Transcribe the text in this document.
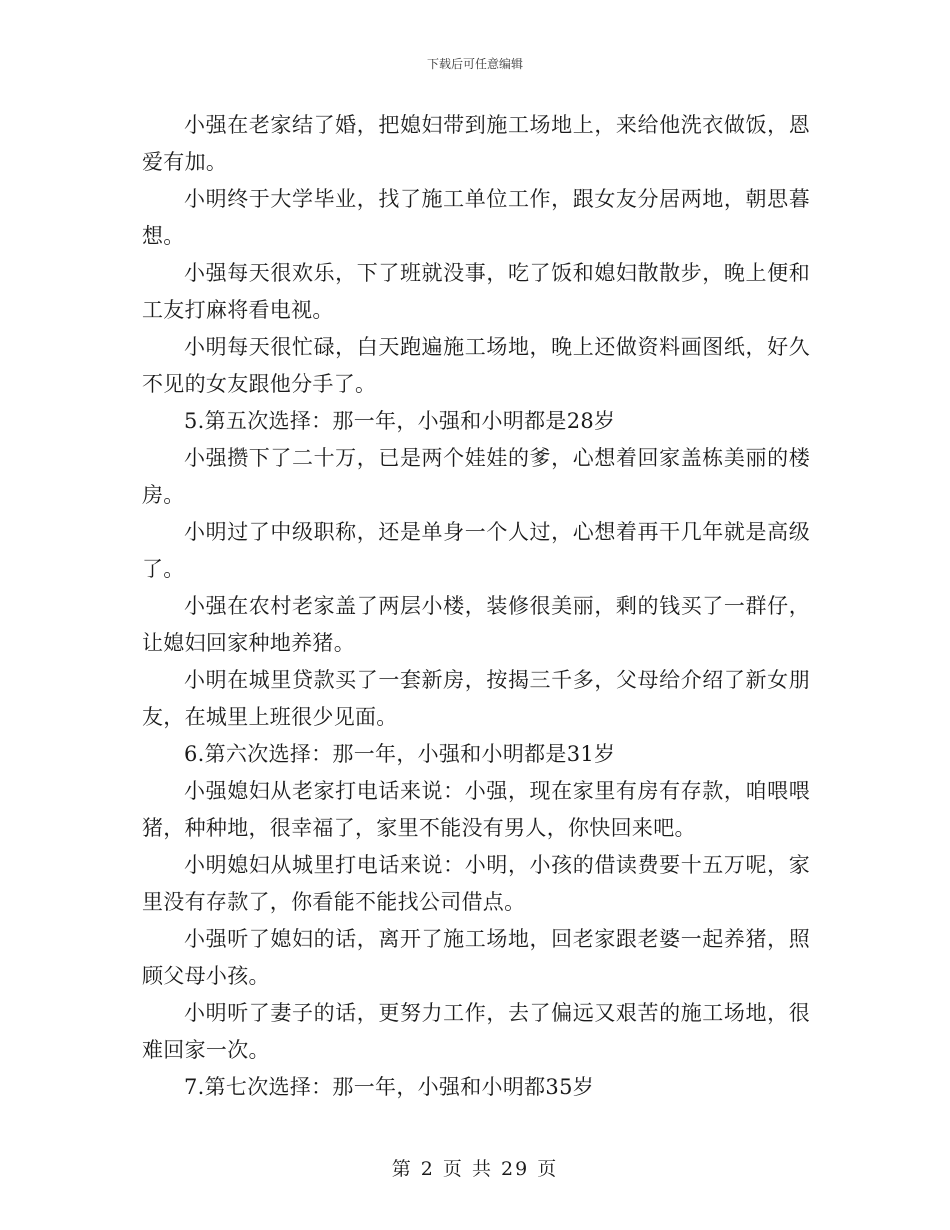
下载后可任意编辑

小强在老家结了婚，把媳妇带到施工场地上，来给他洗衣做饭，恩爱有加。

小明终于大学毕业，找了施工单位工作，跟女友分居两地，朝思暮想。

小强每天很欢乐，下了班就没事，吃了饭和媳妇散散步，晚上便和工友打麻将看电视。

小明每天很忙碌，白天跑遍施工场地，晚上还做资料画图纸，好久不见的女友跟他分手了。

5.第五次选择：那一年，小强和小明都是28岁

小强攒下了二十万，已是两个娃娃的爹，心想着回家盖栋美丽的楼房。

小明过了中级职称，还是单身一个人过，心想着再干几年就是高级了。

小强在农村老家盖了两层小楼，装修很美丽，剩的钱买了一群仔，让媳妇回家种地养猪。

小明在城里贷款买了一套新房，按揭三千多，父母给介绍了新女朋友，在城里上班很少见面。

6.第六次选择：那一年，小强和小明都是31岁

小强媳妇从老家打电话来说：小强，现在家里有房有存款，咱喂喂猪，种种地，很幸福了，家里不能没有男人，你快回来吧。

小明媳妇从城里打电话来说：小明，小孩的借读费要十五万呢，家里没有存款了，你看能不能找公司借点。

小强听了媳妇的话，离开了施工场地，回老家跟老婆一起养猪，照顾父母小孩。

小明听了妻子的话，更努力工作，去了偏远又艰苦的施工场地，很难回家一次。

7.第七次选择：那一年，小强和小明都35岁

第 2 页 共 29 页
